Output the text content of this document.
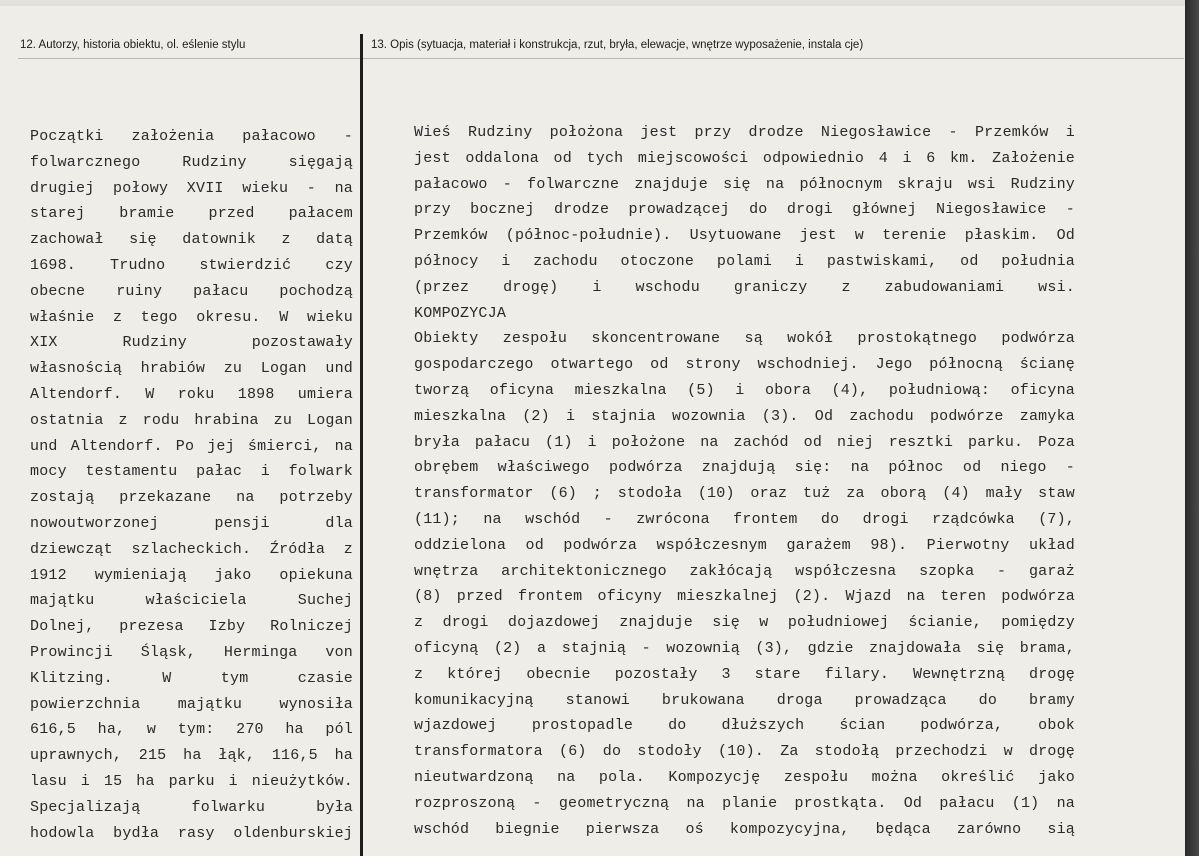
12. Autorzy, historia obiektu, ol. eślenie stylu	13. Opis (sytuacja, materiał i konstrukcja, rzut, bryła, elewacje, wnętrze wyposażenie, instala cje)
Początki założenia pałacowo -
folwarcznego Rudziny sięgają
drugiej połowy XVII wieku - na
starej bramie przed pałacem
zachował się datownik z datą
1698. Trudno stwierdzić czy
obecne ruiny pałacu pochodzą
właśnie z tego okresu. W wieku
XIX Rudziny pozostawały
własnością hrabiów zu Logan und
Altendorf. W roku 1898 umiera
ostatnia z rodu hrabina zu Logan
und Altendorf. Po jej śmierci, na
mocy testamentu pałac i folwark
zostają przekazane na potrzeby
nowoutworzonej pensji dla
dziewcząt szlacheckich. Źródła z
1912 wymieniają jako opiekuna
majątku właściciela Suchej
Dolnej, prezesa Izby Rolniczej
Prowincji Śląsk, Herminga von
Klitzing. W tym czasie
powierzchnia majątku wynosiła
616,5 ha, w tym: 270 ha pól
uprawnych, 215 ha łąk, 116,5 ha
lasu i 15 ha parku i nieużytków.
Specjalizają folwarku była
hodowla bydła rasy oldenburskiej
Wieś Rudziny położona jest przy drodze Niegosławice - Przemków i
jest oddalona od tych miejscowości odpowiednio 4 i 6 km. Założenie
pałacowo - folwarczne znajduje się na północnym skraju wsi Rudziny
przy bocznej drodze prowadzącej do drogi głównej Niegosławice -
Przemków (północ-południe). Usytuowane jest w terenie płaskim. Od
północy i zachodu otoczone polami i pastwiskami, od południa
(przez drogę) i wschodu graniczy z zabudowaniami wsi.
KOMPOZYCJA
Obiekty zespołu skoncentrowane są wokół prostokątnego podwórza
gospodarczego otwartego od strony wschodniej. Jego północną ścianę
tworzą oficyna mieszkalna (5) i obora (4), południową: oficyna
mieszkalna (2) i stajnia wozownia (3). Od zachodu podwórze zamyka
bryła pałacu (1) i położone na zachód od niej resztki parku. Poza
obrębem właściwego podwórza znajdują się: na północ od niego -
transformator (6) ; stodoła (10) oraz tuż za oborą (4) mały staw
(11); na wschód - zwrócona frontem do drogi rządcówka (7),
oddzielona od podwórza współczesnym garażem 98). Pierwotny układ
wnętrza architektonicznego zakłócają współczesna szopka - garaż
(8) przed frontem oficyny mieszkalnej (2). Wjazd na teren podwórza
z drogi dojazdowej znajduje się w południowej ścianie, pomiędzy
oficyną (2) a stajnią - wozownią (3), gdzie znajdowała się brama,
z której obecnie pozostały 3 stare filary. Wewnętrzną drogę
komunikacyjną stanowi brukowana droga prowadząca do bramy
wjazdowej prostopadle do dłuższych ścian podwórza, obok
transformatora (6) do stodoły (10). Za stodołą przechodzi w drogę
nieutwardzoną na pola. Kompozycję zespołu można określić jako
rozproszoną - geometryczną na planie prostkąta. Od pałacu (1) na
wschód biegnie pierwsza oś kompozycyjna, będąca zarówno sią
